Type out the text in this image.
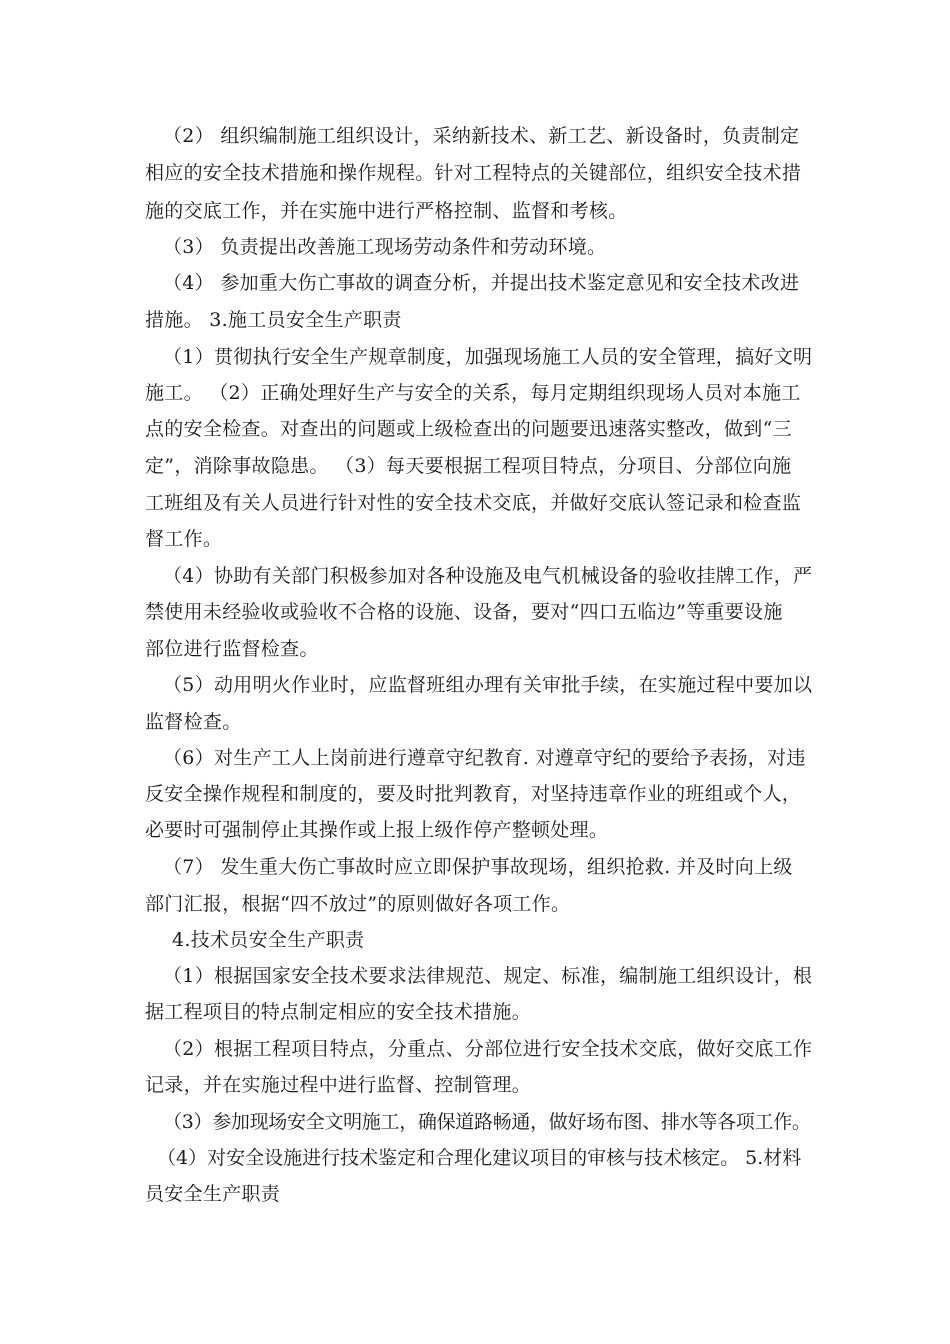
（2） 组织编制施工组织设计，采纳新技术、新工艺、新设备时，负责制定
相应的安全技术措施和操作规程。针对工程特点的关键部位，组织安全技术措
施的交底工作，并在实施中进行严格控制、监督和考核。
（3） 负责提出改善施工现场劳动条件和劳动环境。
（4） 参加重大伤亡事故的调查分析，并提出技术鉴定意见和安全技术改进
措施。 3.施工员安全生产职责
（1）贯彻执行安全生产规章制度，加强现场施工人员的安全管理，搞好文明
施工。 （2）正确处理好生产与安全的关系，每月定期组织现场人员对本施工
点的安全检查。对查出的问题或上级检查出的问题要迅速落实整改，做到“三
定”，消除事故隐患。 （3）每天要根据工程项目特点，分项目、分部位向施
工班组及有关人员进行针对性的安全技术交底，并做好交底认签记录和检查监
督工作。
（4）协助有关部门积极参加对各种设施及电气机械设备的验收挂牌工作，严
禁使用未经验收或验收不合格的设施、设备，要对“四口五临边”等重要设施
部位进行监督检查。
（5）动用明火作业时，应监督班组办理有关审批手续，在实施过程中要加以
监督检查。
（6）对生产工人上岗前进行遵章守纪教育. 对遵章守纪的要给予表扬，对违
反安全操作规程和制度的，要及时批判教育，对坚持违章作业的班组或个人，
必要时可强制停止其操作或上报上级作停产整顿处理。
（7） 发生重大伤亡事故时应立即保护事故现场，组织抢救. 并及时向上级
部门汇报，根据“四不放过”的原则做好各项工作。
4.技术员安全生产职责
（1）根据国家安全技术要求法律规范、规定、标准，编制施工组织设计，根
据工程项目的特点制定相应的安全技术措施。
（2）根据工程项目特点，分重点、分部位进行安全技术交底，做好交底工作
记录，并在实施过程中进行监督、控制管理。
（3）参加现场安全文明施工，确保道路畅通，做好场布图、排水等各项工作。
（4）对安全设施进行技术鉴定和合理化建议项目的审核与技术核定。 5.材料
员安全生产职责
